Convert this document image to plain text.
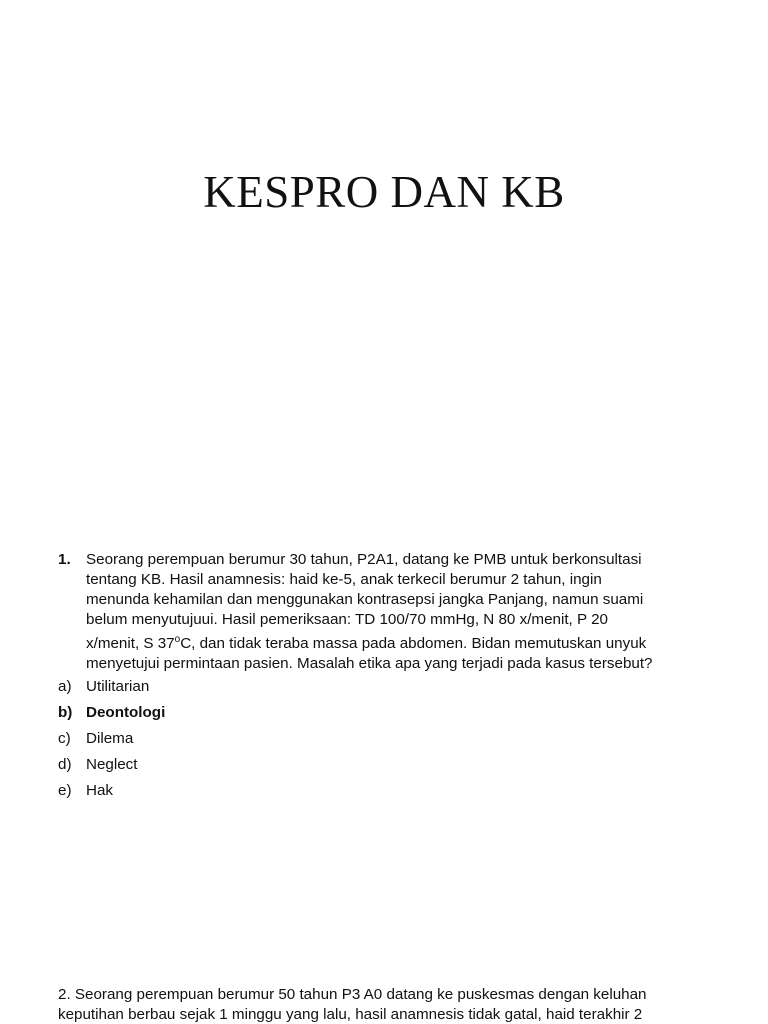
KESPRO DAN KB
1. Seorang perempuan berumur 30 tahun, P2A1, datang ke PMB untuk berkonsultasi
tentang KB. Hasil anamnesis: haid ke-5, anak terkecil berumur 2 tahun, ingin
menunda kehamilan dan menggunakan kontrasepsi jangka Panjang, namun suami
belum menyutujuui. Hasil pemeriksaan: TD 100/70 mmHg, N 80 x/menit, P 20
x/menit, S 37$^o$C, dan tidak teraba massa pada abdomen. Bidan memutuskan unyuk
menyetujui permintaan pasien. Masalah etika apa yang terjadi pada kasus tersebut?
a) Utilitarian
b) Deontologi
c) Dilema
d) Neglect
e) Hak
2. Seorang perempuan berumur 50 tahun P3 A0 datang ke puskesmas dengan keluhan
keputihan berbau sejak 1 minggu yang lalu, hasil anamnesis tidak gatal, haid terakhir 2
